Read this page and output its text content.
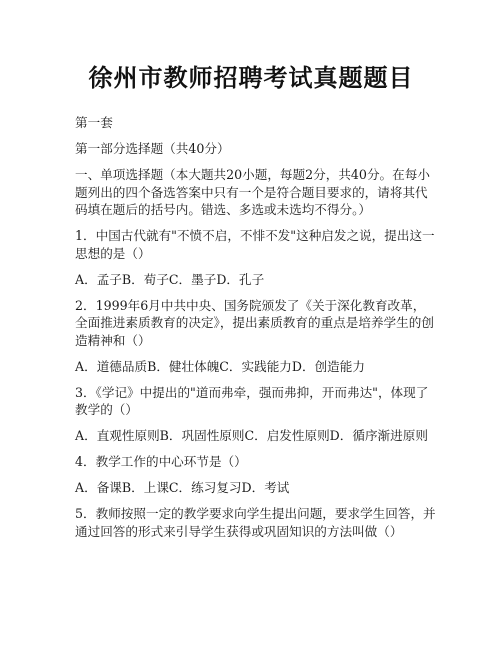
徐州市教师招聘考试真题题目

第一套

第一部分选择题（共40分）

一、单项选择题（本大题共20小题，每题2分，共40分。在每小题列出的四个备选答案中只有一个是符合题目要求的，请将其代码填在题后的括号内。错选、多选或未选均不得分。）

1．中国古代就有"不愤不启，不悱不发"这种启发之说，提出这一思想的是（）

A．孟子B．荀子C．墨子D．孔子

2．1999年6月中共中央、国务院颁发了《关于深化教育改革，全面推进素质教育的决定》，提出素质教育的重点是培养学生的创造精神和（）

A．道德品质B．健壮体魄C．实践能力D．创造能力

3．《学记》中提出的"道而弗牵，强而弗抑，开而弗达"，体现了教学的（）

A．直观性原则B．巩固性原则C．启发性原则D．循序渐进原则

4．教学工作的中心环节是（）

A．备课B．上课C．练习复习D．考试

5．教师按照一定的教学要求向学生提出问题，要求学生回答，并通过回答的形式来引导学生获得或巩固知识的方法叫做（）
